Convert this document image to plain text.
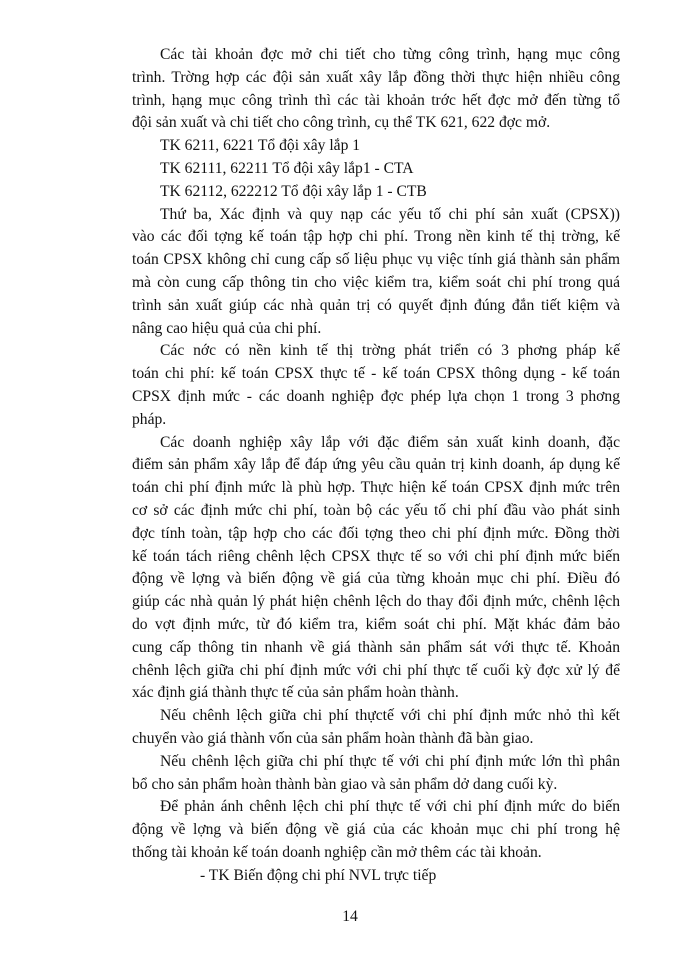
Các tài khoản đợc mở chi tiết cho từng công trình, hạng mục công
trình. Trờng hợp các đội sản xuất xây lắp đồng thời thực hiện nhiều công
trình, hạng mục công trình thì các tài khoản trớc hết đợc mở đến từng tổ
đội sản xuất và chi tiết cho công trình, cụ thể TK 621, 622 đợc mở.
TK 6211, 6221 Tổ đội xây lắp 1
TK 62111, 62211 Tổ đội xây lắp1 - CTA
TK 62112, 622212 Tổ đội xây lắp 1 - CTB
Thứ ba, Xác định và quy nạp các yếu tố chi phí sản xuất (CPSX))
vào các đối tợng kế toán tập hợp chi phí. Trong nền kinh tế thị trờng, kế
toán CPSX không chỉ cung cấp số liệu phục vụ việc tính giá thành sản phẩm
mà còn cung cấp thông tin cho việc kiểm tra, kiểm soát chi phí trong quá
trình sản xuất giúp các nhà quản trị có quyết định đúng đắn tiết kiệm và
nâng cao hiệu quả của chi phí.
Các nớc có nền kinh tế thị trờng phát triển có 3 phơng pháp kế
toán chi phí: kế toán CPSX thực tế - kế toán CPSX thông dụng - kế toán
CPSX định mức - các doanh nghiệp đợc phép lựa chọn 1 trong 3 phơng
pháp.
Các doanh nghiệp xây lắp với đặc điểm sản xuất kinh doanh, đặc
điểm sản phẩm xây lắp để đáp ứng yêu cầu quản trị kinh doanh, áp dụng kế
toán chi phí định mức là phù hợp. Thực hiện kế toán CPSX định mức trên
cơ sở các định mức chi phí, toàn bộ các yếu tố chi phí đầu vào phát sinh
đợc tính toàn, tập hợp cho các đối tợng theo chi phí định mức. Đồng thời
kế toán tách riêng chênh lệch CPSX thực tế so với chi phí định mức biến
động về lợng và biến động về giá của từng khoản mục chi phí. Điều đó
giúp các nhà quản lý phát hiện chênh lệch do thay đổi định mức, chênh lệch
do vợt định mức, từ đó kiểm tra, kiểm soát chi phí. Mặt khác đảm bảo
cung cấp thông tin nhanh về giá thành sản phẩm sát với thực tế. Khoản
chênh lệch giữa chi phí định mức với chi phí thực tế cuối kỳ đợc xử lý để
xác định giá thành thực tế của sản phẩm hoàn thành.
Nếu chênh lệch giữa chi phí thựctế với chi phí định mức nhỏ thì kết
chuyển vào giá thành vốn của sản phẩm hoàn thành đã bàn giao.
Nếu chênh lệch giữa chi phí thực tế với chi phí định mức lớn thì phân
bổ cho sản phẩm hoàn thành bàn giao và sản phẩm dở dang cuối kỳ.
Để phản ánh chênh lệch chi phí thực tế với chi phí định mức do biến
động về lợng và biến động về giá của các khoản mục chi phí trong hệ
thống tài khoản kế toán doanh nghiệp cần mở thêm các tài khoản.
- TK Biến động chi phí NVL trực tiếp
14
